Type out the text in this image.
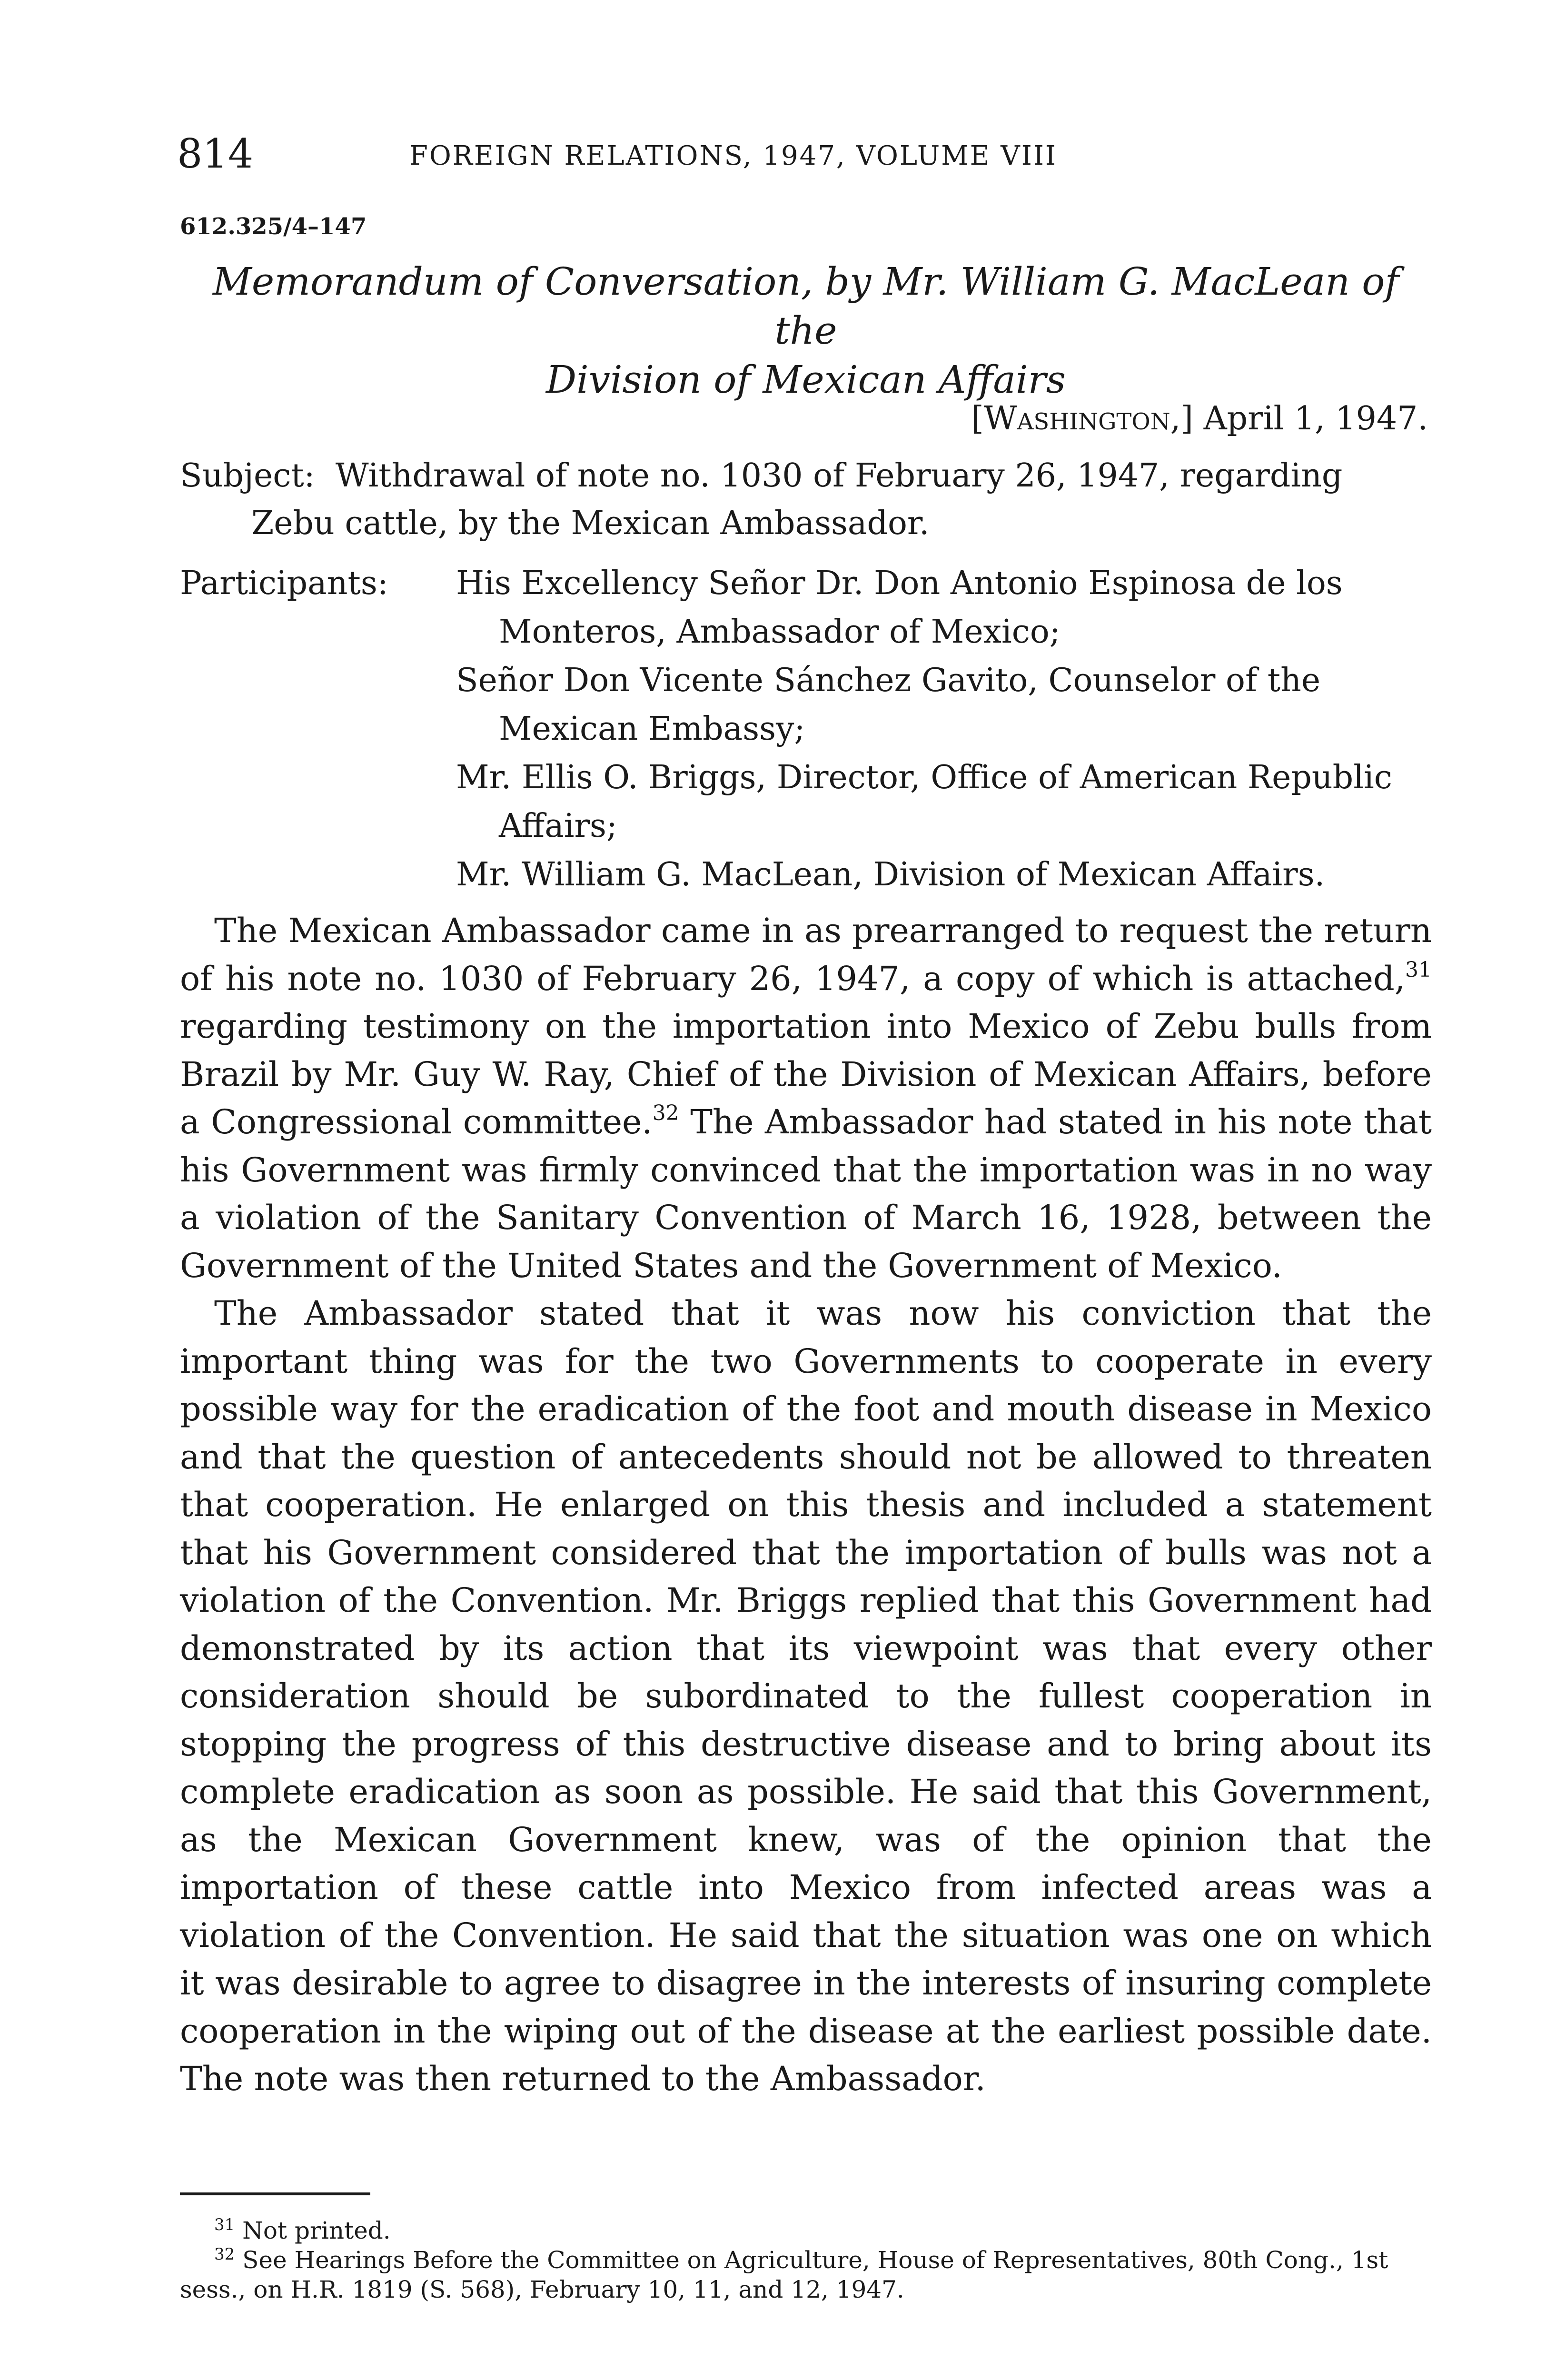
814	FOREIGN RELATIONS, 1947, VOLUME VIII
612.325/4–147
Memorandum of Conversation, by Mr. William G. MacLean of the
Division of Mexican Affairs
[Washington,] April 1, 1947.
Subject: Withdrawal of note no. 1030 of February 26, 1947, regarding Zebu cattle, by the Mexican Ambassador.
Participants: His Excellency Señor Dr. Don Antonio Espinosa de los Monteros, Ambassador of Mexico;
Señor Don Vicente Sánchez Gavito, Counselor of the Mexican Embassy;
Mr. Ellis O. Briggs, Director, Office of American Republic Affairs;
Mr. William G. MacLean, Division of Mexican Affairs.

The Mexican Ambassador came in as prearranged to request the return of his note no. 1030 of February 26, 1947, a copy of which is attached,$^{31}$ regarding testimony on the importation into Mexico of Zebu bulls from Brazil by Mr. Guy W. Ray, Chief of the Division of Mexican Affairs, before a Congressional committee.$^{32}$ The Ambassador had stated in his note that his Government was firmly convinced that the importation was in no way a violation of the Sanitary Convention of March 16, 1928, between the Government of the United States and the Government of Mexico.

The Ambassador stated that it was now his conviction that the important thing was for the two Governments to cooperate in every possible way for the eradication of the foot and mouth disease in Mexico and that the question of antecedents should not be allowed to threaten that cooperation. He enlarged on this thesis and included a statement that his Government considered that the importation of bulls was not a violation of the Convention. Mr. Briggs replied that this Government had demonstrated by its action that its viewpoint was that every other consideration should be subordinated to the fullest cooperation in stopping the progress of this destructive disease and to bring about its complete eradication as soon as possible. He said that this Government, as the Mexican Government knew, was of the opinion that the importation of these cattle into Mexico from infected areas was a violation of the Convention. He said that the situation was one on which it was desirable to agree to disagree in the interests of insuring complete cooperation in the wiping out of the disease at the earliest possible date. The note was then returned to the Ambassador.

$^{31}$ Not printed.

$^{32}$ See Hearings Before the Committee on Agriculture, House of Representatives, 80th Cong., 1st sess., on H.R. 1819 (S. 568), February 10, 11, and 12, 1947.
